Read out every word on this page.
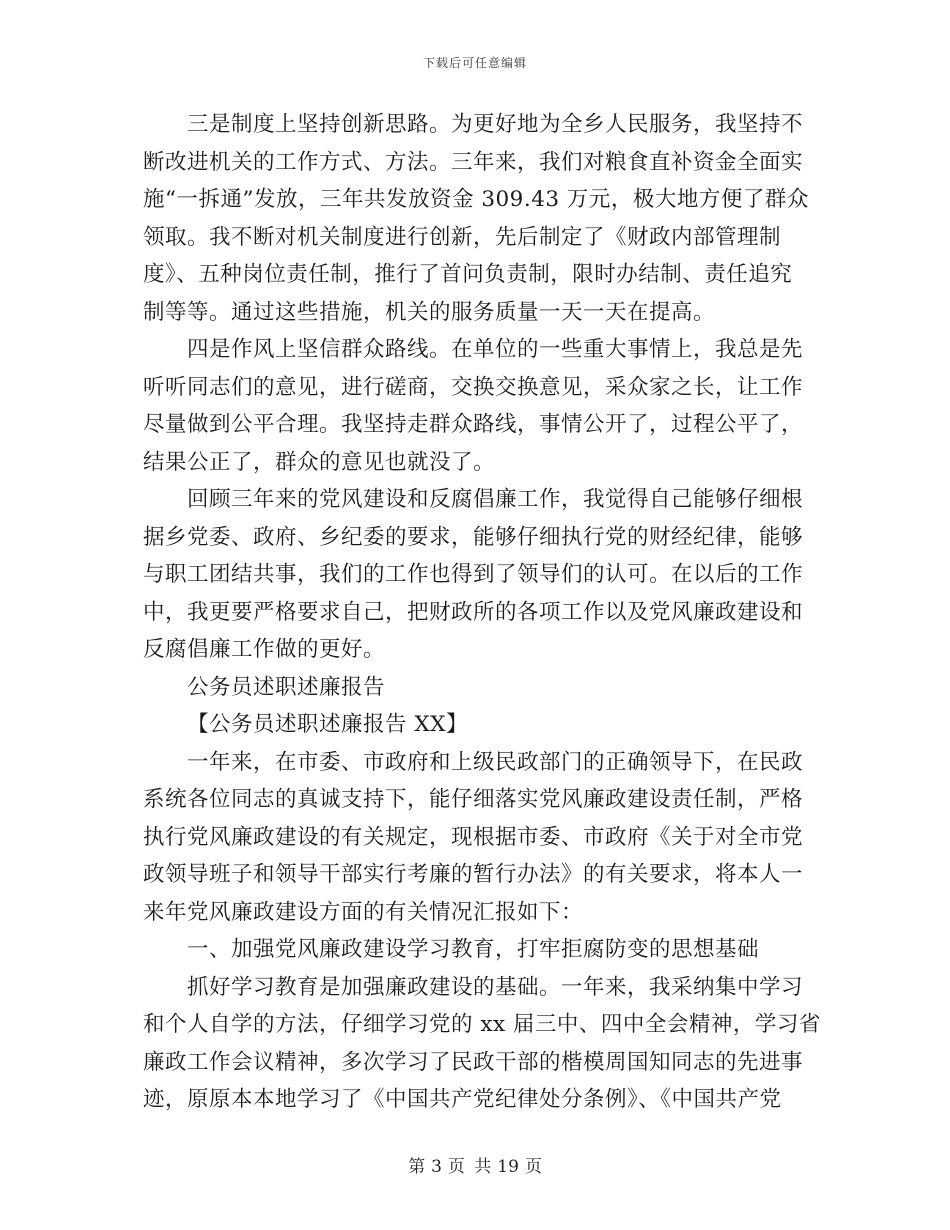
下载后可任意编辑

三是制度上坚持创新思路。为更好地为全乡人民服务，我坚持不

断改进机关的工作方式、方法。三年来，我们对粮食直补资金全面实

施“一拆通”发放，三年共发放资金 309.43 万元，极大地方便了群众

领取。我不断对机关制度进行创新，先后制定了《财政内部管理制

度》、五种岗位责任制，推行了首问负责制，限时办结制、责任追究

制等等。通过这些措施，机关的服务质量一天一天在提高。

四是作风上坚信群众路线。在单位的一些重大事情上，我总是先

听听同志们的意见，进行磋商，交换交换意见，采众家之长，让工作

尽量做到公平合理。我坚持走群众路线，事情公开了，过程公平了，

结果公正了，群众的意见也就没了。

回顾三年来的党风建设和反腐倡廉工作，我觉得自己能够仔细根

据乡党委、政府、乡纪委的要求，能够仔细执行党的财经纪律，能够

与职工团结共事，我们的工作也得到了领导们的认可。在以后的工作

中，我更要严格要求自己，把财政所的各项工作以及党风廉政建设和

反腐倡廉工作做的更好。

公务员述职述廉报告

【公务员述职述廉报告 XX】

一年来，在市委、市政府和上级民政部门的正确领导下，在民政

系统各位同志的真诚支持下，能仔细落实党风廉政建设责任制，严格

执行党风廉政建设的有关规定，现根据市委、市政府《关于对全市党

政领导班子和领导干部实行考廉的暂行办法》的有关要求，将本人一

来年党风廉政建设方面的有关情况汇报如下：

一、加强党风廉政建设学习教育，打牢拒腐防变的思想基础

抓好学习教育是加强廉政建设的基础。一年来，我采纳集中学习

和个人自学的方法，仔细学习党的 xx 届三中、四中全会精神，学习省

廉政工作会议精神，多次学习了民政干部的楷模周国知同志的先进事

迹，原原本本地学习了《中国共产党纪律处分条例》、《中国共产党

第 3 页 共 19 页
